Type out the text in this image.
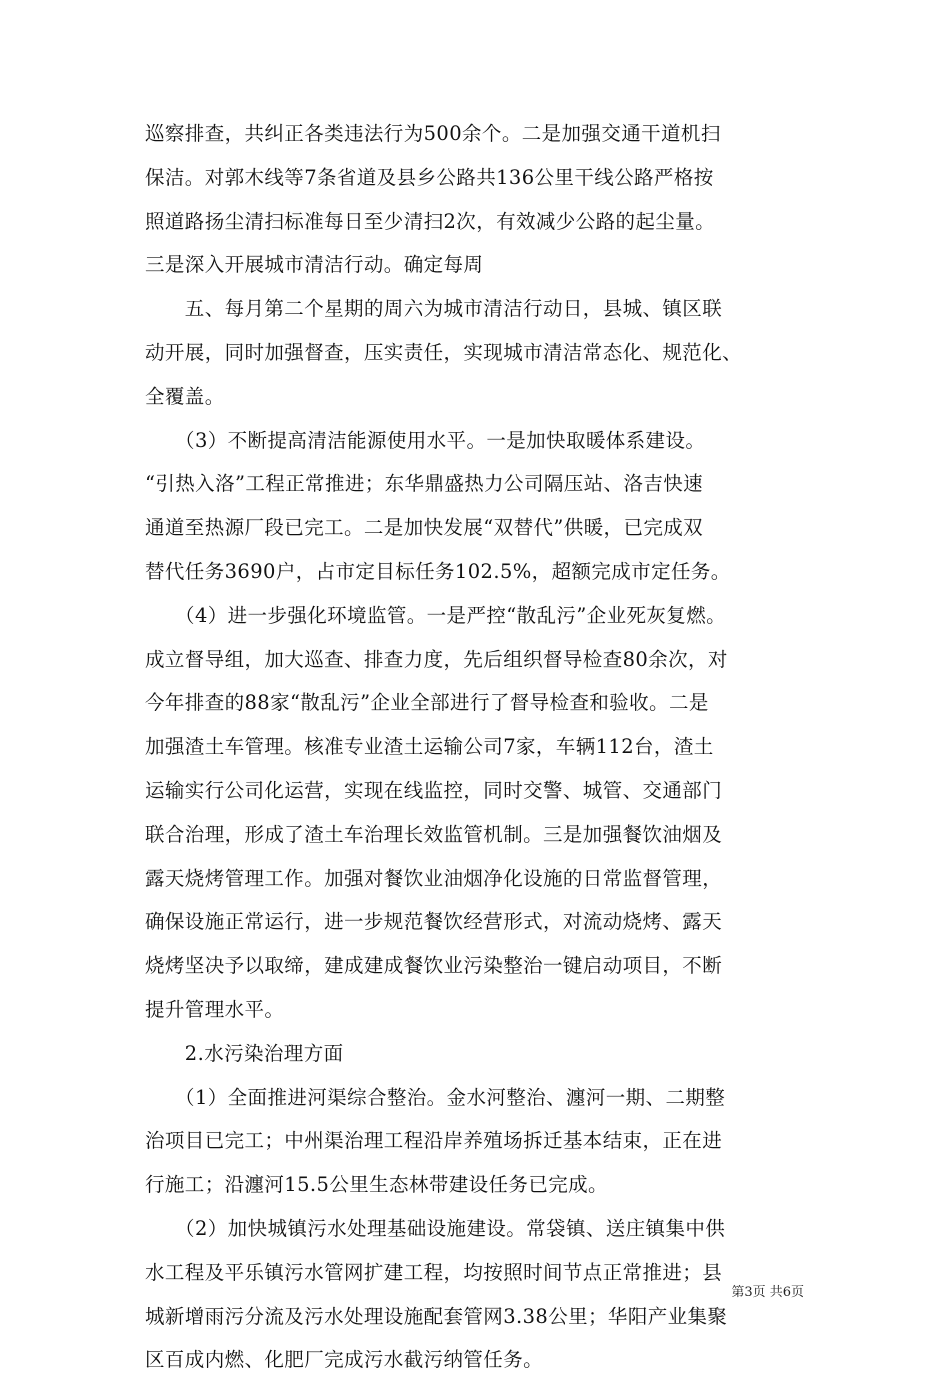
巡察排查，共纠正各类违法行为500余个。二是加强交通干道机扫
保洁。对郭木线等7条省道及县乡公路共136公里干线公路严格按
照道路扬尘清扫标准每日至少清扫2次，有效减少公路的起尘量。
三是深入开展城市清洁行动。确定每周
　　五、每月第二个星期的周六为城市清洁行动日，县城、镇区联
动开展，同时加强督查，压实责任，实现城市清洁常态化、规范化、
全覆盖。
　　（3）不断提高清洁能源使用水平。一是加快取暖体系建设。
“引热入洛”工程正常推进；东华鼎盛热力公司隔压站、洛吉快速
通道至热源厂段已完工。二是加快发展“双替代”供暖，已完成双
替代任务3690户，占市定目标任务102.5%，超额完成市定任务。
　　（4）进一步强化环境监管。一是严控“散乱污”企业死灰复燃。
成立督导组，加大巡查、排查力度，先后组织督导检查80余次，对
今年排查的88家“散乱污”企业全部进行了督导检查和验收。二是
加强渣土车管理。核准专业渣土运输公司7家，车辆112台，渣土
运输实行公司化运营，实现在线监控，同时交警、城管、交通部门
联合治理，形成了渣土车治理长效监管机制。三是加强餐饮油烟及
露天烧烤管理工作。加强对餐饮业油烟净化设施的日常监督管理，
确保设施正常运行，进一步规范餐饮经营形式，对流动烧烤、露天
烧烤坚决予以取缔，建成建成餐饮业污染整治一键启动项目，不断
提升管理水平。
　　2.水污染治理方面
　　（1）全面推进河渠综合整治。金水河整治、瀍河一期、二期整
治项目已完工；中州渠治理工程沿岸养殖场拆迁基本结束，正在进
行施工；沿瀍河15.5公里生态林带建设任务已完成。
　　（2）加快城镇污水处理基础设施建设。常袋镇、送庄镇集中供
水工程及平乐镇污水管网扩建工程，均按照时间节点正常推进；县
城新增雨污分流及污水处理设施配套管网3.38公里；华阳产业集聚
区百成内燃、化肥厂完成污水截污纳管任务。
第3页 共6页
